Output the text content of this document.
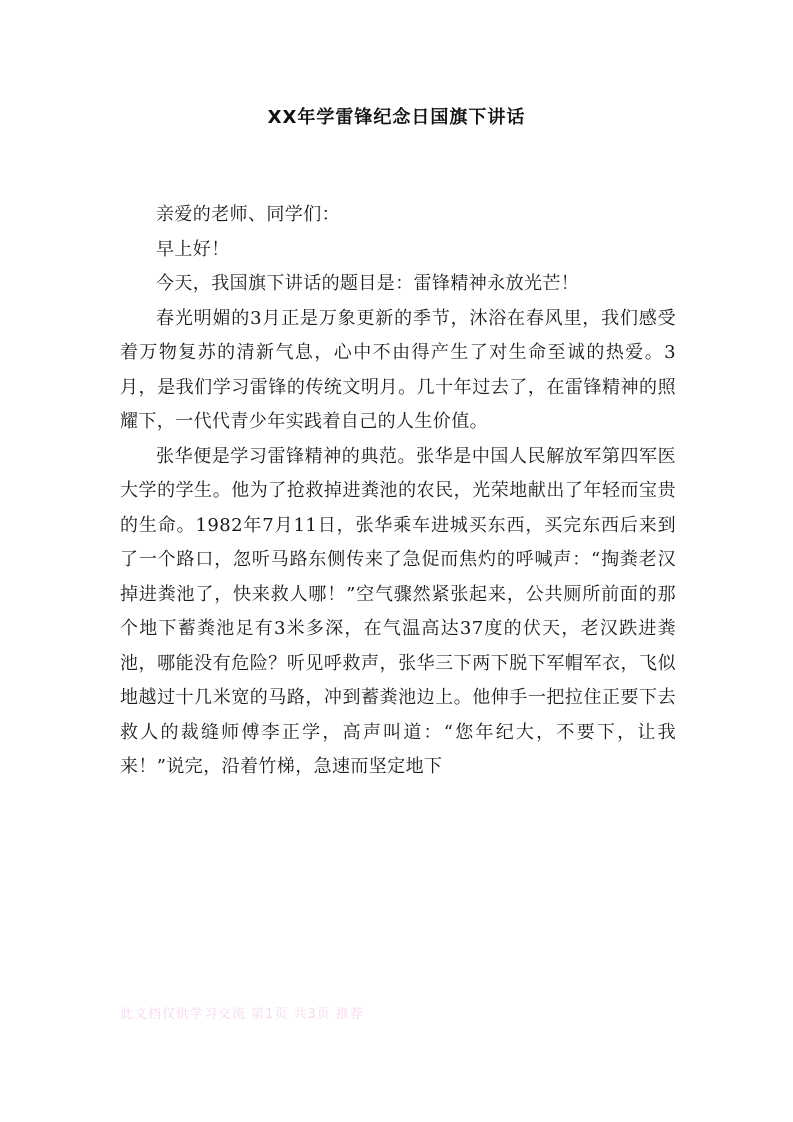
XX年学雷锋纪念日国旗下讲话

亲爱的老师、同学们：

早上好！

今天，我国旗下讲话的题目是：雷锋精神永放光芒！

春光明媚的3月正是万象更新的季节，沐浴在春风里，我们感受着万物复苏的清新气息，心中不由得产生了对生命至诚的热爱。3月，是我们学习雷锋的传统文明月。几十年过去了，在雷锋精神的照耀下，一代代青少年实践着自己的人生价值。

张华便是学习雷锋精神的典范。张华是中国人民解放军第四军医大学的学生。他为了抢救掉进粪池的农民，光荣地献出了年轻而宝贵的生命。1982年7月11日，张华乘车进城买东西，买完东西后来到了一个路口，忽听马路东侧传来了急促而焦灼的呼喊声：“掏粪老汉掉进粪池了，快来救人哪！”空气骤然紧张起来，公共厕所前面的那个地下蓄粪池足有3米多深，在气温高达37度的伏天，老汉跌进粪池，哪能没有危险？听见呼救声，张华三下两下脱下军帽军衣，飞似地越过十几米宽的马路，冲到蓄粪池边上。他伸手一把拉住正要下去救人的裁缝师傅李正学，高声叫道：“您年纪大，不要下，让我来！”说完，沿着竹梯，急速而坚定地下

此文档仅供学习交流 第1页 共3页 推荐
